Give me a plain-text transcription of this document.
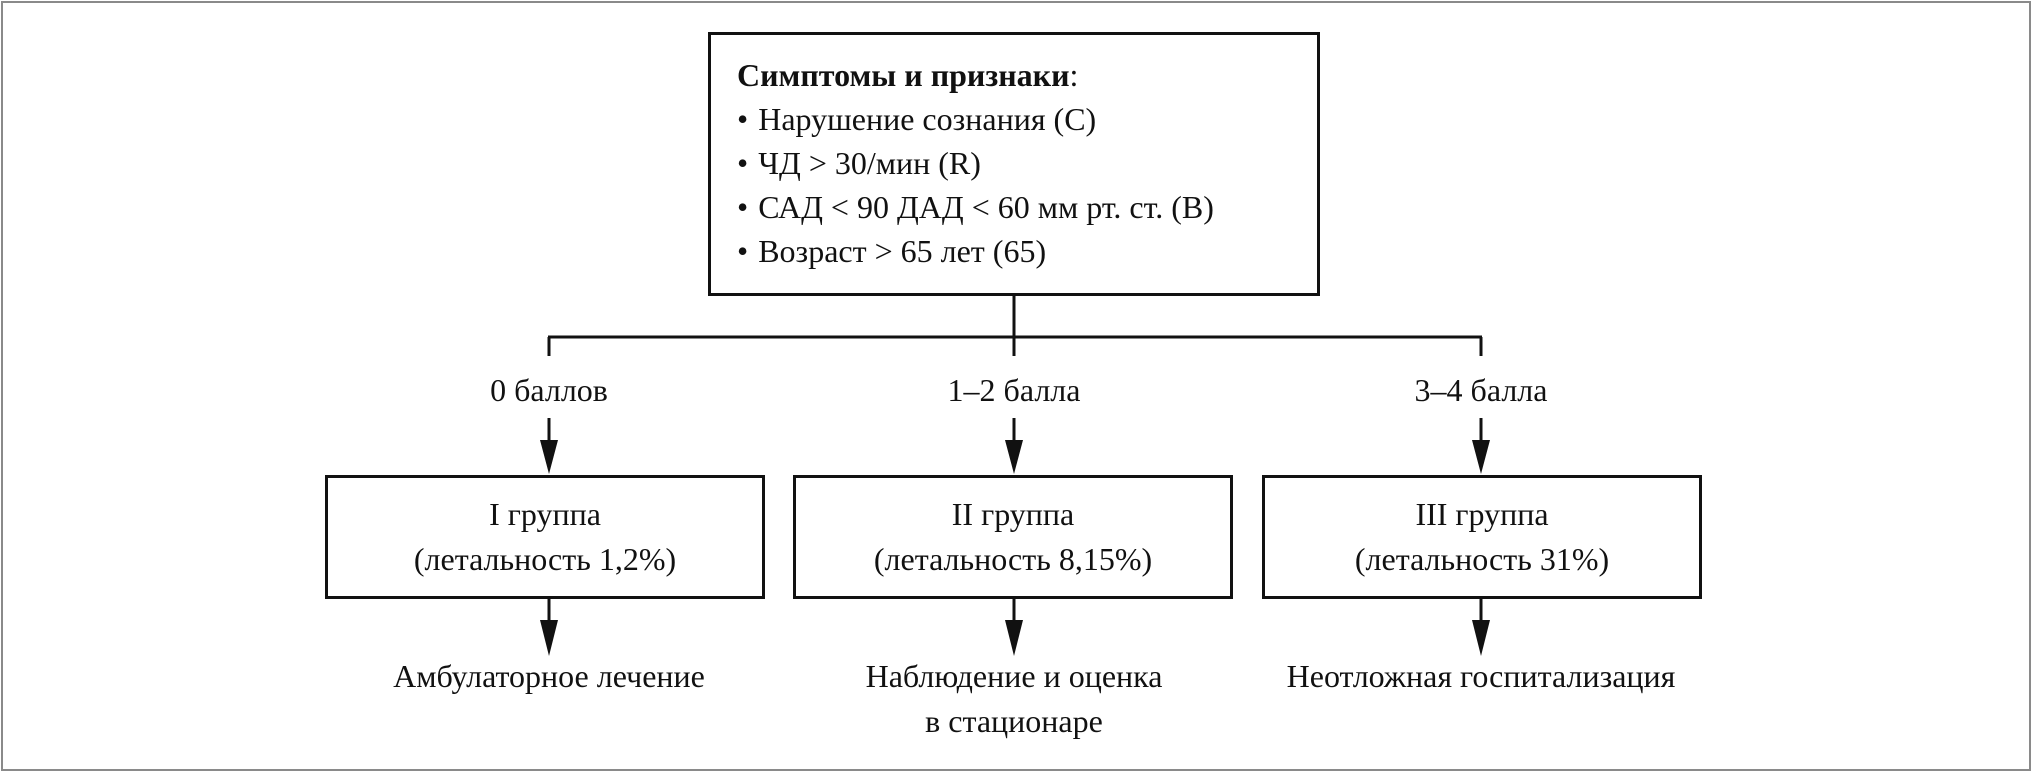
Симптомы и признаки:
• Нарушение сознания (С)
• ЧД > 30/мин (R)
• САД < 90 ДАД < 60 мм рт. ст. (В)
• Возраст > 65 лет (65)
0 баллов	1–2 балла	3–4 балла
I группа
(летальность 1,2%)
II группа
(летальность 8,15%)
III группа
(летальность 31%)
Амбулаторное лечение	Наблюдение и оценка
в стационаре
Неотложная госпитализация
